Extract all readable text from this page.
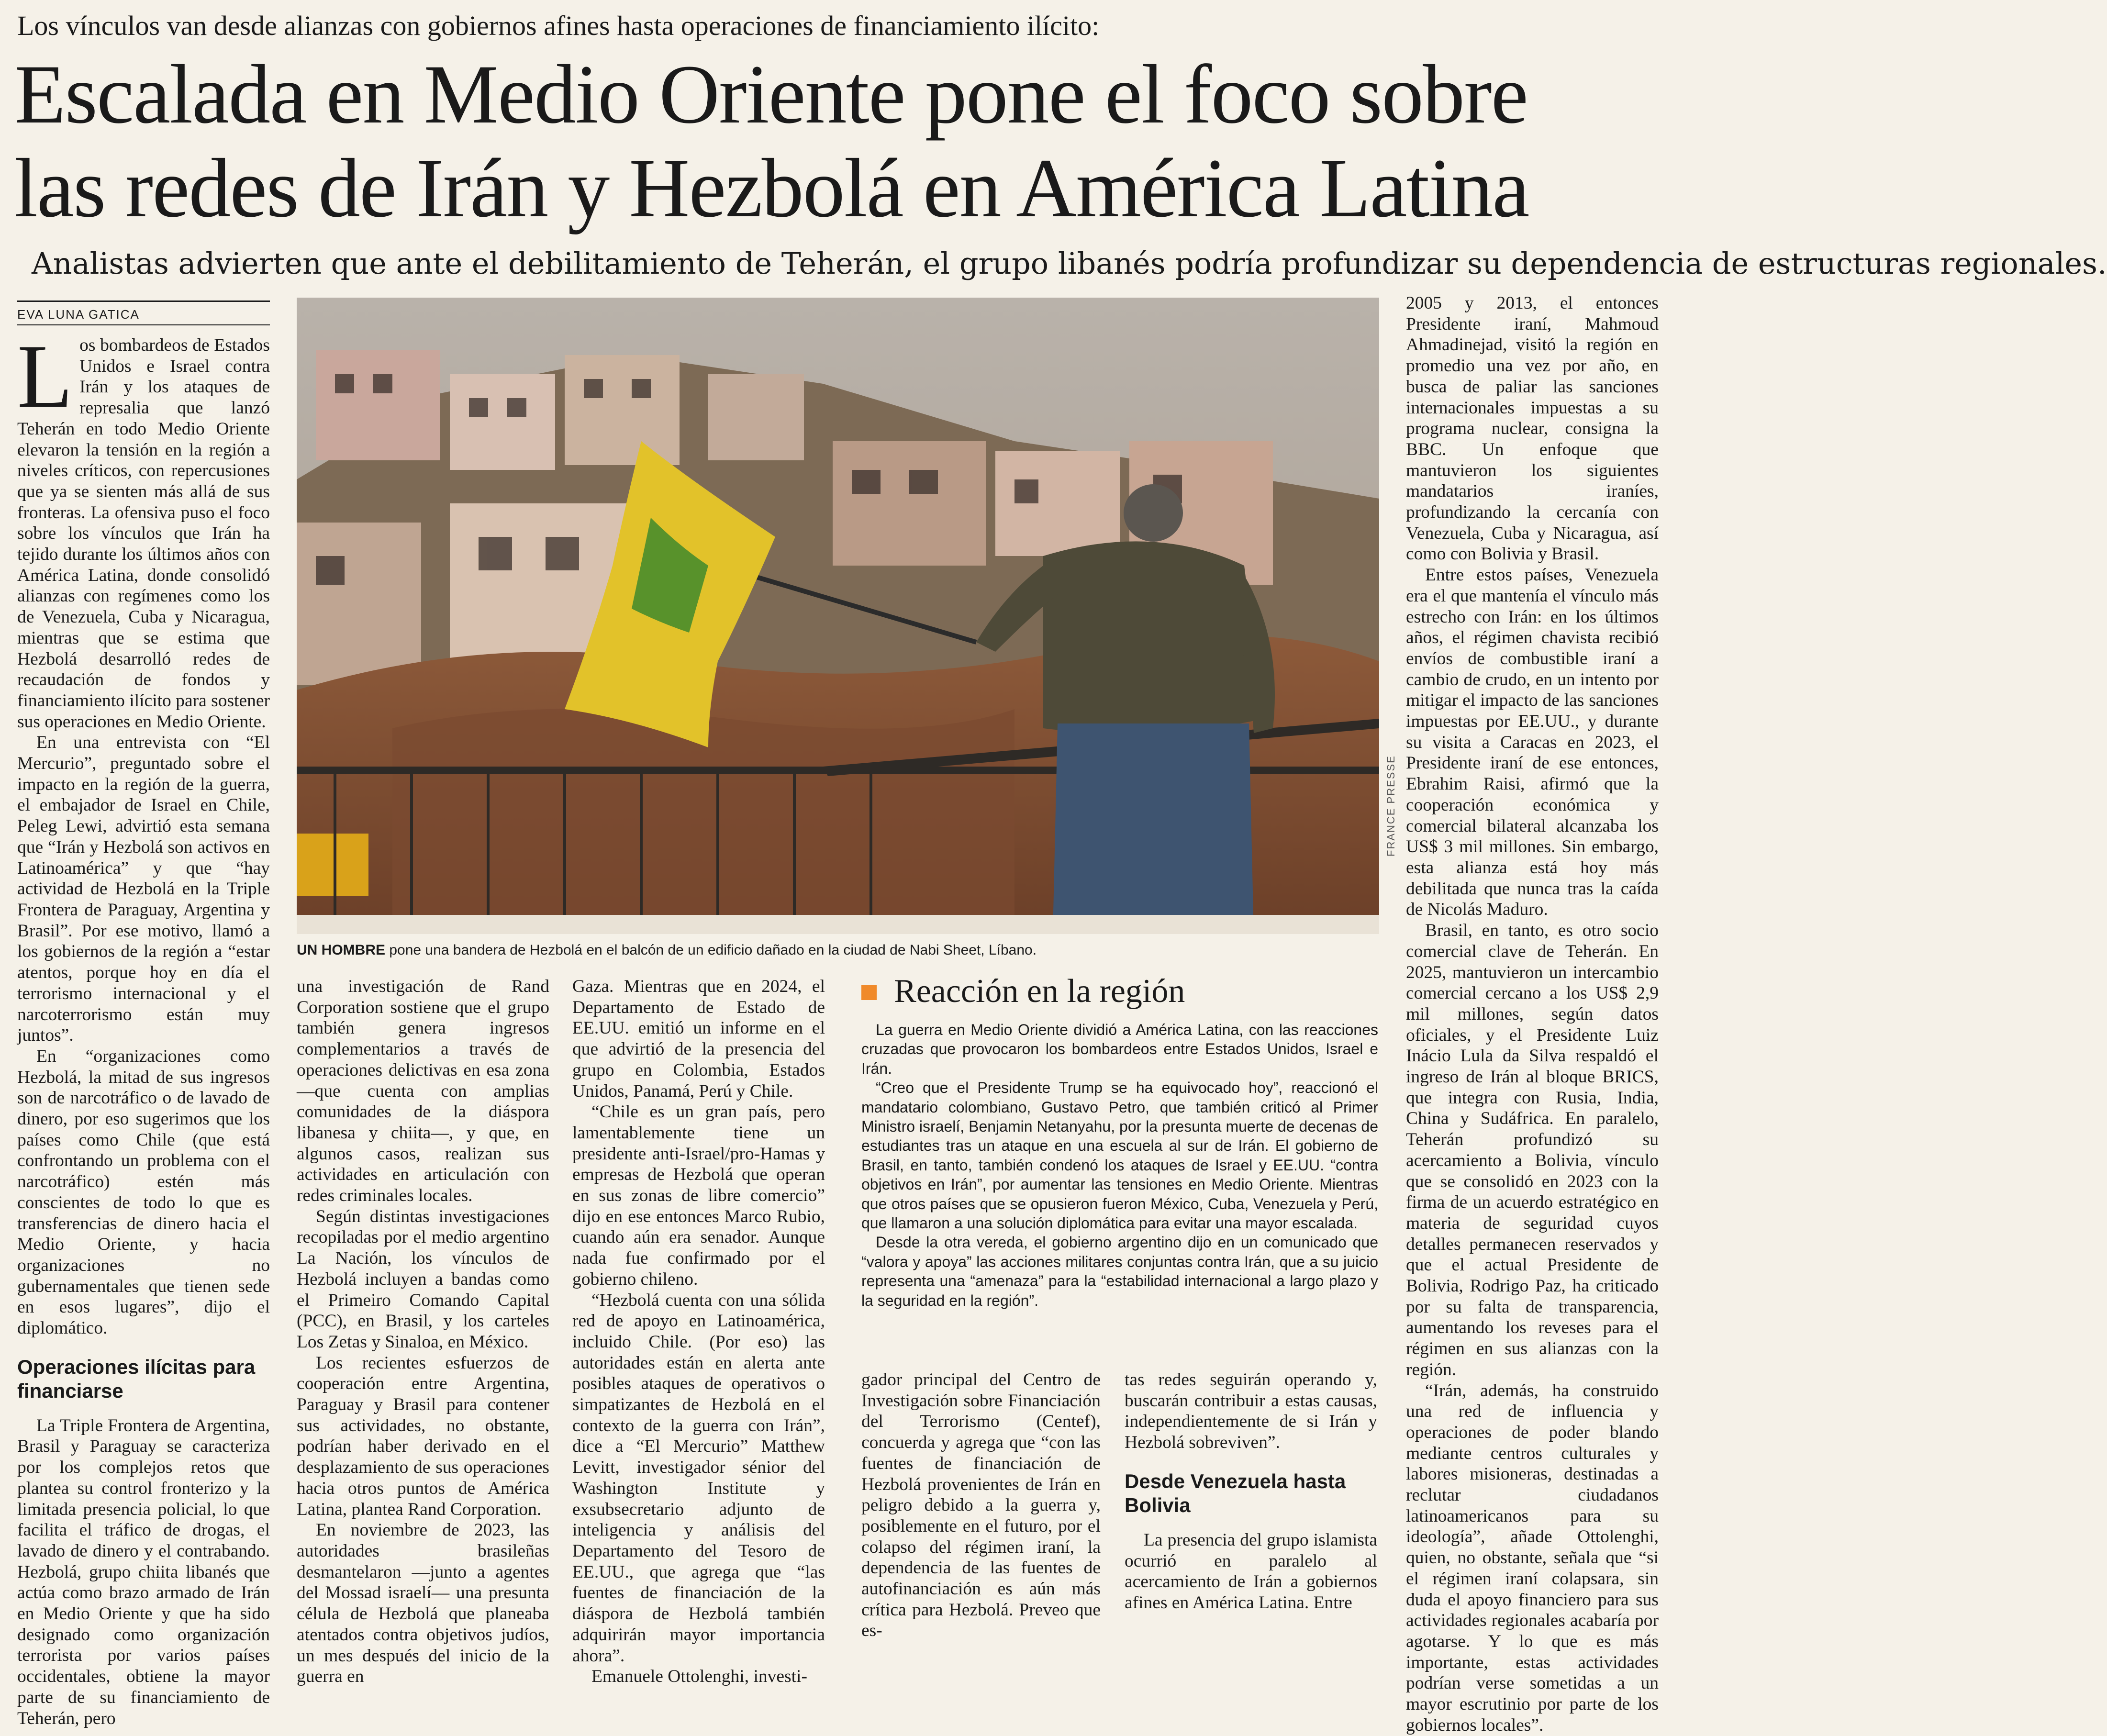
Los vínculos van desde alianzas con gobiernos afines hasta operaciones de financiamiento ilícito:
Escalada en Medio Oriente pone el foco sobre
las redes de Irán y Hezbolá en América Latina
Analistas advierten que ante el debilitamiento de Teherán, el grupo libanés podría profundizar su dependencia de estructuras regionales.
EVA LUNA GATICA

Los bombardeos de Estados Unidos e Israel contra Irán y los ataques de represalia que lanzó Teherán en todo Medio Oriente elevaron la tensión en la región a niveles críticos, con repercusiones que ya se sienten más allá de sus fronteras. La ofensiva puso el foco sobre los vínculos que Irán ha tejido durante los últimos años con América Latina, donde consolidó alianzas con regímenes como los de Venezuela, Cuba y Nicaragua, mientras que se estima que Hezbolá desarrolló redes de recaudación de fondos y financiamiento ilícito para sostener sus operaciones en Medio Oriente.

En una entrevista con “El Mercurio”, preguntado sobre el impacto en la región de la guerra, el embajador de Israel en Chile, Peleg Lewi, advirtió esta semana que “Irán y Hezbolá son activos en Latinoamérica” y que “hay actividad de Hezbolá en la Triple Frontera de Paraguay, Argentina y Brasil”. Por ese motivo, llamó a los gobiernos de la región a “estar atentos, porque hoy en día el terrorismo internacional y el narcoterrorismo están muy juntos”.

En “organizaciones como Hezbolá, la mitad de sus ingresos son de narcotráfico o de lavado de dinero, por eso sugerimos que los países como Chile (que está confrontando un problema con el narcotráfico) estén más conscientes de todo lo que es transferencias de dinero hacia el Medio Oriente, y hacia organizaciones no gubernamentales que tienen sede en esos lugares”, dijo el diplomático.

Operaciones ilícitas para financiarse

La Triple Frontera de Argentina, Brasil y Paraguay se caracteriza por los complejos retos que plantea su control fronterizo y la limitada presencia policial, lo que facilita el tráfico de drogas, el lavado de dinero y el contrabando. Hezbolá, grupo chiita libanés que actúa como brazo armado de Irán en Medio Oriente y que ha sido designado como organización terrorista por varios países occidentales, obtiene la mayor parte de su financiamiento de Teherán, pero

FRANCE PRESSE
UN HOMBRE pone una bandera de Hezbolá en el balcón de un edificio dañado en la ciudad de Nabi Sheet, Líbano.

una investigación de Rand Corporation sostiene que el grupo también genera ingresos complementarios a través de operaciones delictivas en esa zona —que cuenta con amplias comunidades de la diáspora libanesa y chiita—, y que, en algunos casos, realizan sus actividades en articulación con redes criminales locales.

Según distintas investigaciones recopiladas por el medio argentino La Nación, los vínculos de Hezbolá incluyen a bandas como el Primeiro Comando Capital (PCC), en Brasil, y los carteles Los Zetas y Sinaloa, en México.

Los recientes esfuerzos de cooperación entre Argentina, Paraguay y Brasil para contener sus actividades, no obstante, podrían haber derivado en el desplazamiento de sus operaciones hacia otros puntos de América Latina, plantea Rand Corporation.

En noviembre de 2023, las autoridades brasileñas desmantelaron —junto a agentes del Mossad israelí— una presunta célula de Hezbolá que planeaba atentados contra objetivos judíos, un mes después del inicio de la guerra en

Gaza. Mientras que en 2024, el Departamento de Estado de EE.UU. emitió un informe en el que advirtió de la presencia del grupo en Colombia, Estados Unidos, Panamá, Perú y Chile.

“Chile es un gran país, pero lamentablemente tiene un presidente anti-Israel/pro-Hamas y empresas de Hezbolá que operan en sus zonas de libre comercio” dijo en ese entonces Marco Rubio, cuando aún era senador. Aunque nada fue confirmado por el gobierno chileno.

“Hezbolá cuenta con una sólida red de apoyo en Latinoamérica, incluido Chile. (Por eso) las autoridades están en alerta ante posibles ataques de operativos o simpatizantes de Hezbolá en el contexto de la guerra con Irán”, dice a “El Mercurio” Matthew Levitt, investigador sénior del Washington Institute y exsubsecretario adjunto de inteligencia y análisis del Departamento del Tesoro de EE.UU., que agrega que “las fuentes de financiación de la diáspora de Hezbolá también adquirirán mayor importancia ahora”.

Emanuele Ottolenghi, investi-

Reacción en la región

La guerra en Medio Oriente dividió a América Latina, con las reacciones cruzadas que provocaron los bombardeos entre Estados Unidos, Israel e Irán.

“Creo que el Presidente Trump se ha equivocado hoy”, reaccionó el mandatario colombiano, Gustavo Petro, que también criticó al Primer Ministro israelí, Benjamin Netanyahu, por la presunta muerte de decenas de estudiantes tras un ataque en una escuela al sur de Irán. El gobierno de Brasil, en tanto, también condenó los ataques de Israel y EE.UU. “contra objetivos en Irán”, por aumentar las tensiones en Medio Oriente. Mientras que otros países que se opusieron fueron México, Cuba, Venezuela y Perú, que llamaron a una solución diplomática para evitar una mayor escalada.

Desde la otra vereda, el gobierno argentino dijo en un comunicado que “valora y apoya” las acciones militares conjuntas contra Irán, que a su juicio representa una “amenaza” para la “estabilidad internacional a largo plazo y la seguridad en la región”.

gador principal del Centro de Investigación sobre Financiación del Terrorismo (Centef), concuerda y agrega que “con las fuentes de financiación de Hezbolá provenientes de Irán en peligro debido a la guerra y, posiblemente en el futuro, por el colapso del régimen iraní, la dependencia de las fuentes de autofinanciación es aún más crítica para Hezbolá. Preveo que es-

tas redes seguirán operando y, buscarán contribuir a estas causas, independientemente de si Irán y Hezbolá sobreviven”.

Desde Venezuela hasta Bolivia

La presencia del grupo islamista ocurrió en paralelo al acercamiento de Irán a gobiernos afines en América Latina. Entre

2005 y 2013, el entonces Presidente iraní, Mahmoud Ahmadinejad, visitó la región en promedio una vez por año, en busca de paliar las sanciones internacionales impuestas a su programa nuclear, consigna la BBC. Un enfoque que mantuvieron los siguientes mandatarios iraníes, profundizando la cercanía con Venezuela, Cuba y Nicaragua, así como con Bolivia y Brasil.

Entre estos países, Venezuela era el que mantenía el vínculo más estrecho con Irán: en los últimos años, el régimen chavista recibió envíos de combustible iraní a cambio de crudo, en un intento por mitigar el impacto de las sanciones impuestas por EE.UU., y durante su visita a Caracas en 2023, el Presidente iraní de ese entonces, Ebrahim Raisi, afirmó que la cooperación económica y comercial bilateral alcanzaba los US$ 3 mil millones. Sin embargo, esta alianza está hoy más debilitada que nunca tras la caída de Nicolás Maduro.

Brasil, en tanto, es otro socio comercial clave de Teherán. En 2025, mantuvieron un intercambio comercial cercano a los US$ 2,9 mil millones, según datos oficiales, y el Presidente Luiz Inácio Lula da Silva respaldó el ingreso de Irán al bloque BRICS, que integra con Rusia, India, China y Sudáfrica. En paralelo, Teherán profundizó su acercamiento a Bolivia, vínculo que se consolidó en 2023 con la firma de un acuerdo estratégico en materia de seguridad cuyos detalles permanecen reservados y que el actual Presidente de Bolivia, Rodrigo Paz, ha criticado por su falta de transparencia, aumentando los reveses para el régimen en sus alianzas con la región.

“Irán, además, ha construido una red de influencia y operaciones de poder blando mediante centros culturales y labores misioneras, destinadas a reclutar ciudadanos latinoamericanos para su ideología”, añade Ottolenghi, quien, no obstante, señala que “si el régimen iraní colapsara, sin duda el apoyo financiero para sus actividades regionales acabaría por agotarse. Y lo que es más importante, estas actividades podrían verse sometidas a un mayor escrutinio por parte de los gobiernos locales”.
